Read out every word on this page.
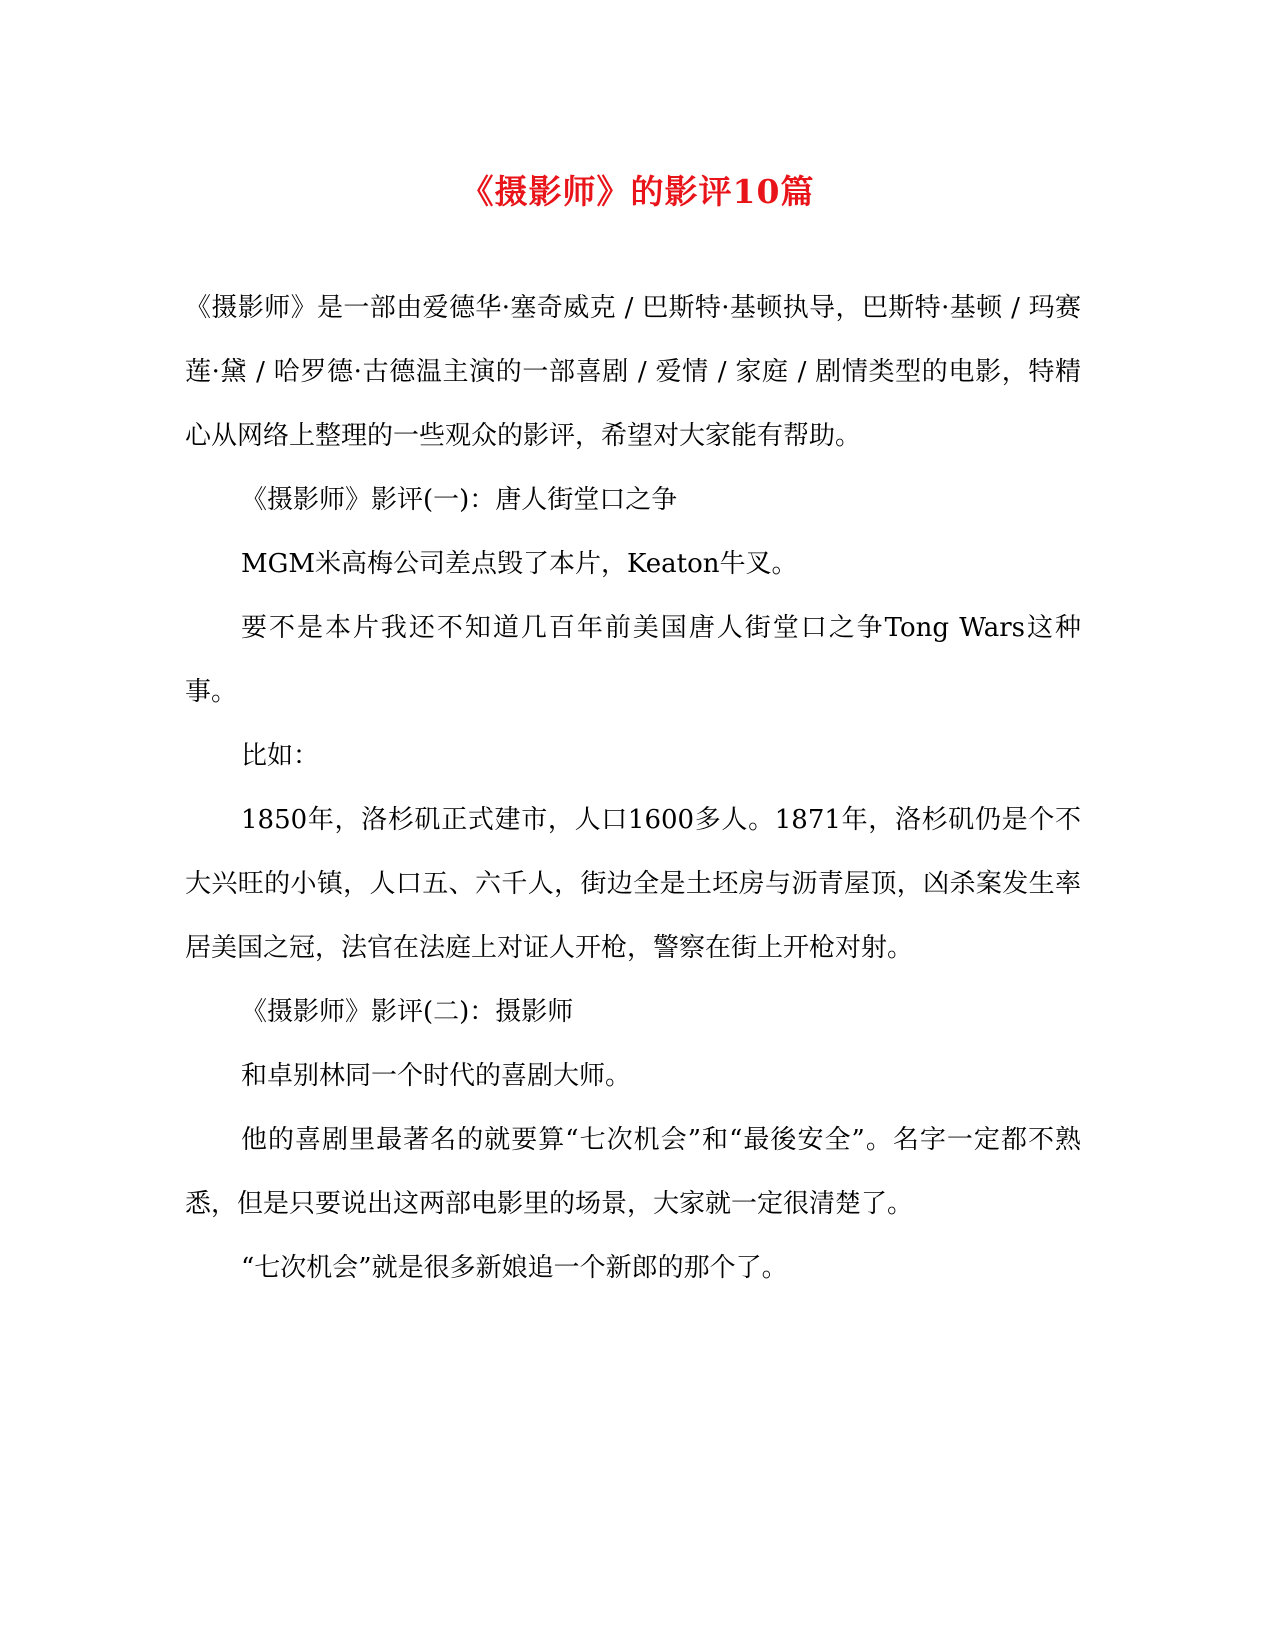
《摄影师》的影评10篇

《摄影师》是一部由爱德华·塞奇威克 / 巴斯特·基顿执导，巴斯特·基顿 / 玛赛莲·黛 / 哈罗德·古德温主演的一部喜剧 / 爱情 / 家庭 / 剧情类型的电影，特精心从网络上整理的一些观众的影评，希望对大家能有帮助。

《摄影师》影评(一)：唐人街堂口之争

MGM米高梅公司差点毁了本片，Keaton牛叉。

要不是本片我还不知道几百年前美国唐人街堂口之争Tong Wars这种事。

比如：

1850年，洛杉矶正式建市，人口1600多人。1871年，洛杉矶仍是个不大兴旺的小镇，人口五、六千人，街边全是土坯房与沥青屋顶，凶杀案发生率居美国之冠，法官在法庭上对证人开枪，警察在街上开枪对射。

《摄影师》影评(二)：摄影师

和卓别林同一个时代的喜剧大师。

他的喜剧里最著名的就要算“七次机会”和“最後安全”。名字一定都不熟悉，但是只要说出这两部电影里的场景，大家就一定很清楚了。

“七次机会”就是很多新娘追一个新郎的那个了。
